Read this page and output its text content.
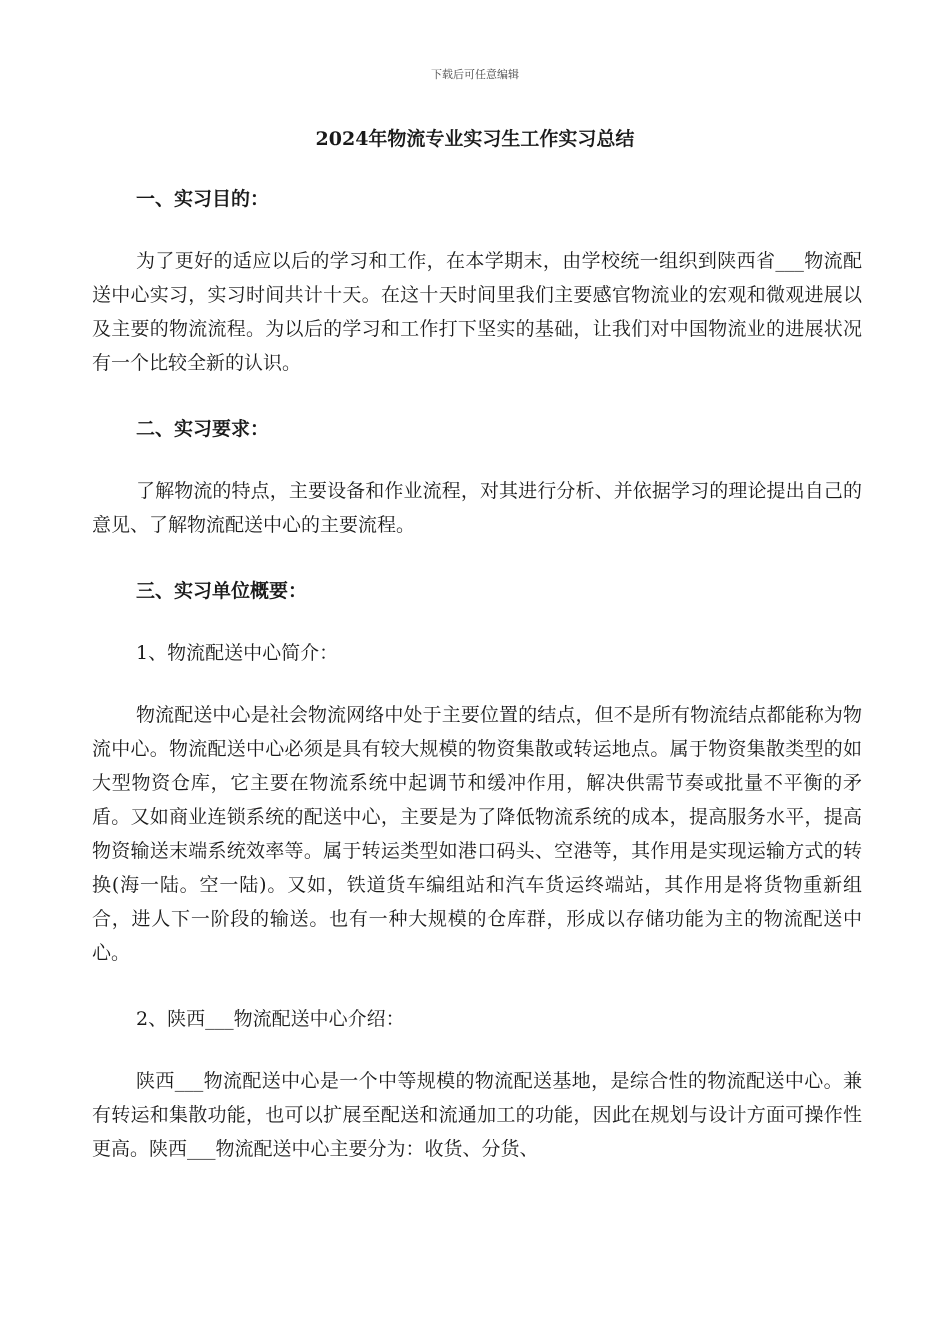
下载后可任意编辑
2024年物流专业实习生工作实习总结
一、实习目的：

为了更好的适应以后的学习和工作，在本学期末，由学校统一组织到陕西省___物流配送中心实习，实习时间共计十天。在这十天时间里我们主要感官物流业的宏观和微观进展以及主要的物流流程。为以后的学习和工作打下坚实的基础，让我们对中国物流业的进展状况有一个比较全新的认识。

二、实习要求：

了解物流的特点，主要设备和作业流程，对其进行分析、并依据学习的理论提出自己的意见、了解物流配送中心的主要流程。

三、实习单位概要：

1、物流配送中心简介：

物流配送中心是社会物流网络中处于主要位置的结点，但不是所有物流结点都能称为物流中心。物流配送中心必须是具有较大规模的物资集散或转运地点。属于物资集散类型的如大型物资仓库，它主要在物流系统中起调节和缓冲作用，解决供需节奏或批量不平衡的矛盾。又如商业连锁系统的配送中心，主要是为了降低物流系统的成本，提高服务水平，提高物资输送末端系统效率等。属于转运类型如港口码头、空港等，其作用是实现运输方式的转换(海一陆。空一陆)。又如，铁道货车编组站和汽车货运终端站，其作用是将货物重新组合，进人下一阶段的输送。也有一种大规模的仓库群，形成以存储功能为主的物流配送中心。

2、陕西___物流配送中心介绍：

陕西___物流配送中心是一个中等规模的物流配送基地，是综合性的物流配送中心。兼有转运和集散功能，也可以扩展至配送和流通加工的功能，因此在规划与设计方面可操作性更高。陕西___物流配送中心主要分为：收货、分货、
